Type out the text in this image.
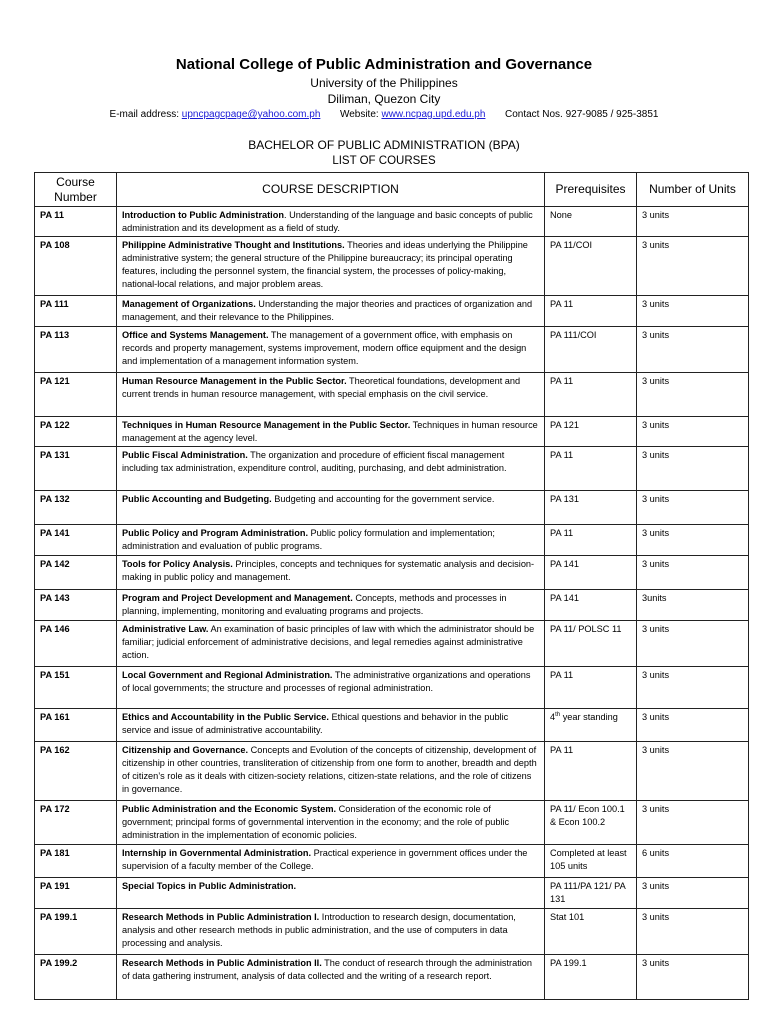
National College of Public Administration and Governance

University of the Philippines

Diliman, Quezon City

E-mail address: upncpagcpage@yahoo.com.ph Website: www.ncpag.upd.edu.ph Contact Nos. 927-9085 / 925-3851
BACHELOR OF PUBLIC ADMINISTRATION (BPA)
LIST OF COURSES
Course Number	COURSE DESCRIPTION	Prerequisites	Number of Units
PA 11	Introduction to Public Administration. Understanding of the language and basic concepts of public administration and its development as a field of study.	None	3 units
PA 108	Philippine Administrative Thought and Institutions. Theories and ideas underlying the Philippine administrative system; the general structure of the Philippine bureaucracy; its principal operating features, including the personnel system, the financial system, the processes of policy-making, national-local relations, and major problem areas.	PA 11/COI	3 units
PA 111	Management of Organizations. Understanding the major theories and practices of organization and management, and their relevance to the Philippines.	PA 11	3 units
PA 113	Office and Systems Management. The management of a government office, with emphasis on records and property management, systems improvement, modern office equipment and the design and implementation of a management information system.	PA 111/COI	3 units
PA 121	Human Resource Management in the Public Sector. Theoretical foundations, development and current trends in human resource management, with special emphasis on the civil service.	PA 11	3 units
PA 122	Techniques in Human Resource Management in the Public Sector. Techniques in human resource management at the agency level.	PA 121	3 units
PA 131	Public Fiscal Administration. The organization and procedure of efficient fiscal management including tax administration, expenditure control, auditing, purchasing, and debt administration.	PA 11	3 units
PA 132	Public Accounting and Budgeting. Budgeting and accounting for the government service.	PA 131	3 units
PA 141	Public Policy and Program Administration. Public policy formulation and implementation; administration and evaluation of public programs.	PA 11	3 units
PA 142	Tools for Policy Analysis. Principles, concepts and techniques for systematic analysis and decision-making in public policy and management.	PA 141	3 units
PA 143	Program and Project Development and Management. Concepts, methods and processes in planning, implementing, monitoring and evaluating programs and projects.	PA 141	3units
PA 146	Administrative Law. An examination of basic principles of law with which the administrator should be familiar; judicial enforcement of administrative decisions, and legal remedies against administrative action.	PA 11/ POLSC 11	3 units
PA 151	Local Government and Regional Administration. The administrative organizations and operations of local governments; the structure and processes of regional administration.	PA 11	3 units
PA 161	Ethics and Accountability in the Public Service. Ethical questions and behavior in the public service and issue of administrative accountability.	4th year standing	3 units
PA 162	Citizenship and Governance. Concepts and Evolution of the concepts of citizenship, development of citizenship in other countries, transliteration of citizenship from one form to another, breadth and depth of citizen’s role as it deals with citizen-society relations, citizen-state relations, and the role of citizens in governance.	PA 11	3 units
PA 172	Public Administration and the Economic System. Consideration of the economic role of government; principal forms of governmental intervention in the economy; and the role of public administration in the implementation of economic policies.	PA 11/ Econ 100.1 & Econ 100.2	3 units
PA 181	Internship in Governmental Administration. Practical experience in government offices under the supervision of a faculty member of the College.	Completed at least 105 units	6 units
PA 191	Special Topics in Public Administration.	PA 111/PA 121/ PA 131	3 units
PA 199.1	Research Methods in Public Administration I. Introduction to research design, documentation, analysis and other research methods in public administration, and the use of computers in data processing and analysis.	Stat 101	3 units
PA 199.2	Research Methods in Public Administration II. The conduct of research through the administration of data gathering instrument, analysis of data collected and the writing of a research report.	PA 199.1	3 units
